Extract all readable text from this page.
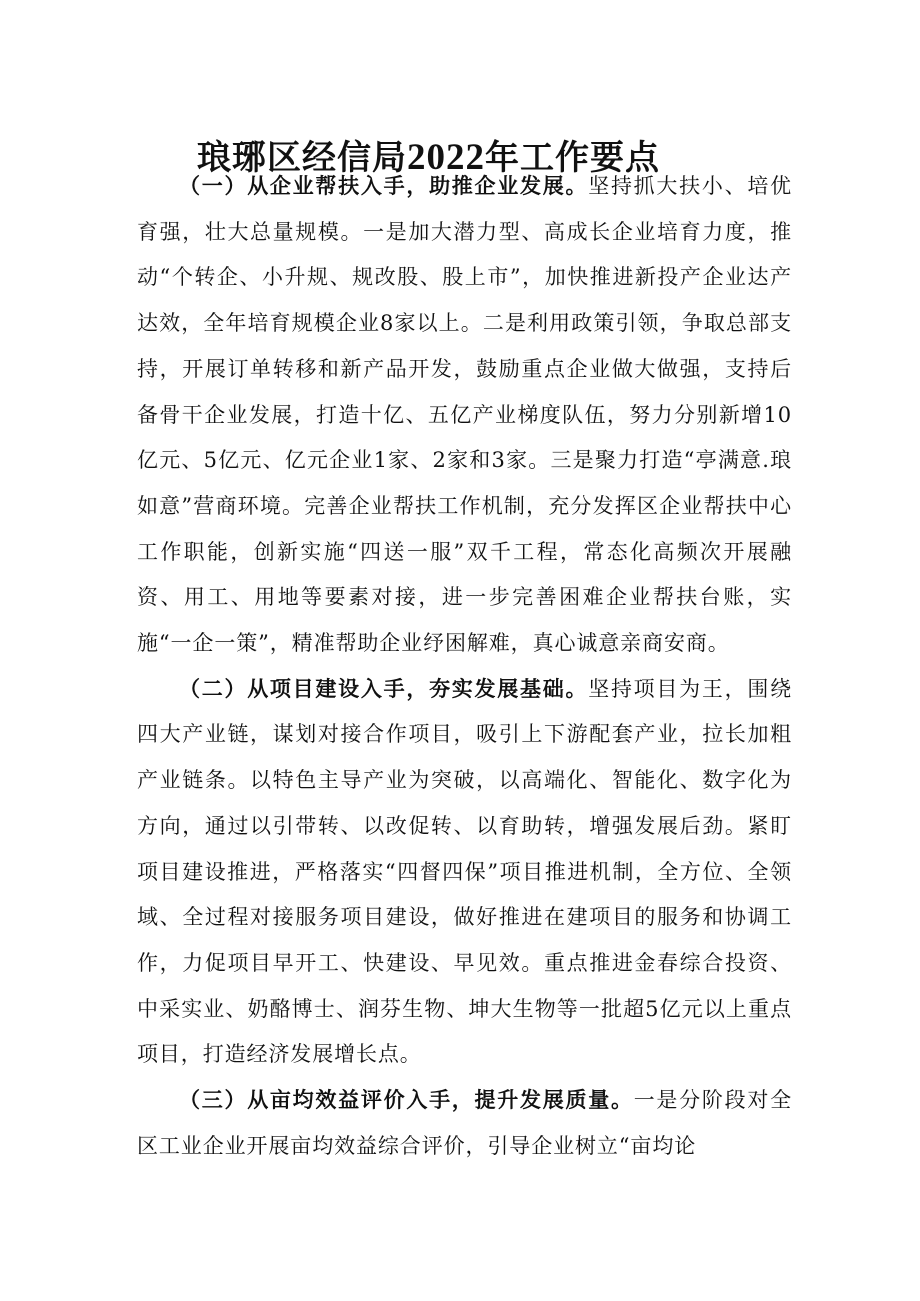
琅琊区经信局2022年工作要点

（一）从企业帮扶入手，助推企业发展。坚持抓大扶小、培优育强，壮大总量规模。一是加大潜力型、高成长企业培育力度，推动“个转企、小升规、规改股、股上市”，加快推进新投产企业达产达效，全年培育规模企业8家以上。二是利用政策引领，争取总部支持，开展订单转移和新产品开发，鼓励重点企业做大做强，支持后备骨干企业发展，打造十亿、五亿产业梯度队伍，努力分别新增10亿元、5亿元、亿元企业1家、2家和3家。三是聚力打造“亭满意.琅如意”营商环境。完善企业帮扶工作机制，充分发挥区企业帮扶中心工作职能，创新实施“四送一服”双千工程，常态化高频次开展融资、用工、用地等要素对接，进一步完善困难企业帮扶台账，实施“一企一策”，精准帮助企业纾困解难，真心诚意亲商安商。

（二）从项目建设入手，夯实发展基础。坚持项目为王，围绕四大产业链，谋划对接合作项目，吸引上下游配套产业，拉长加粗产业链条。以特色主导产业为突破，以高端化、智能化、数字化为方向，通过以引带转、以改促转、以育助转，增强发展后劲。紧盯项目建设推进，严格落实“四督四保”项目推进机制，全方位、全领域、全过程对接服务项目建设，做好推进在建项目的服务和协调工作，力促项目早开工、快建设、早见效。重点推进金春综合投资、中采实业、奶酪博士、润芬生物、坤大生物等一批超5亿元以上重点项目，打造经济发展增长点。

（三）从亩均效益评价入手，提升发展质量。一是分阶段对全区工业企业开展亩均效益综合评价，引导企业树立“亩均论
